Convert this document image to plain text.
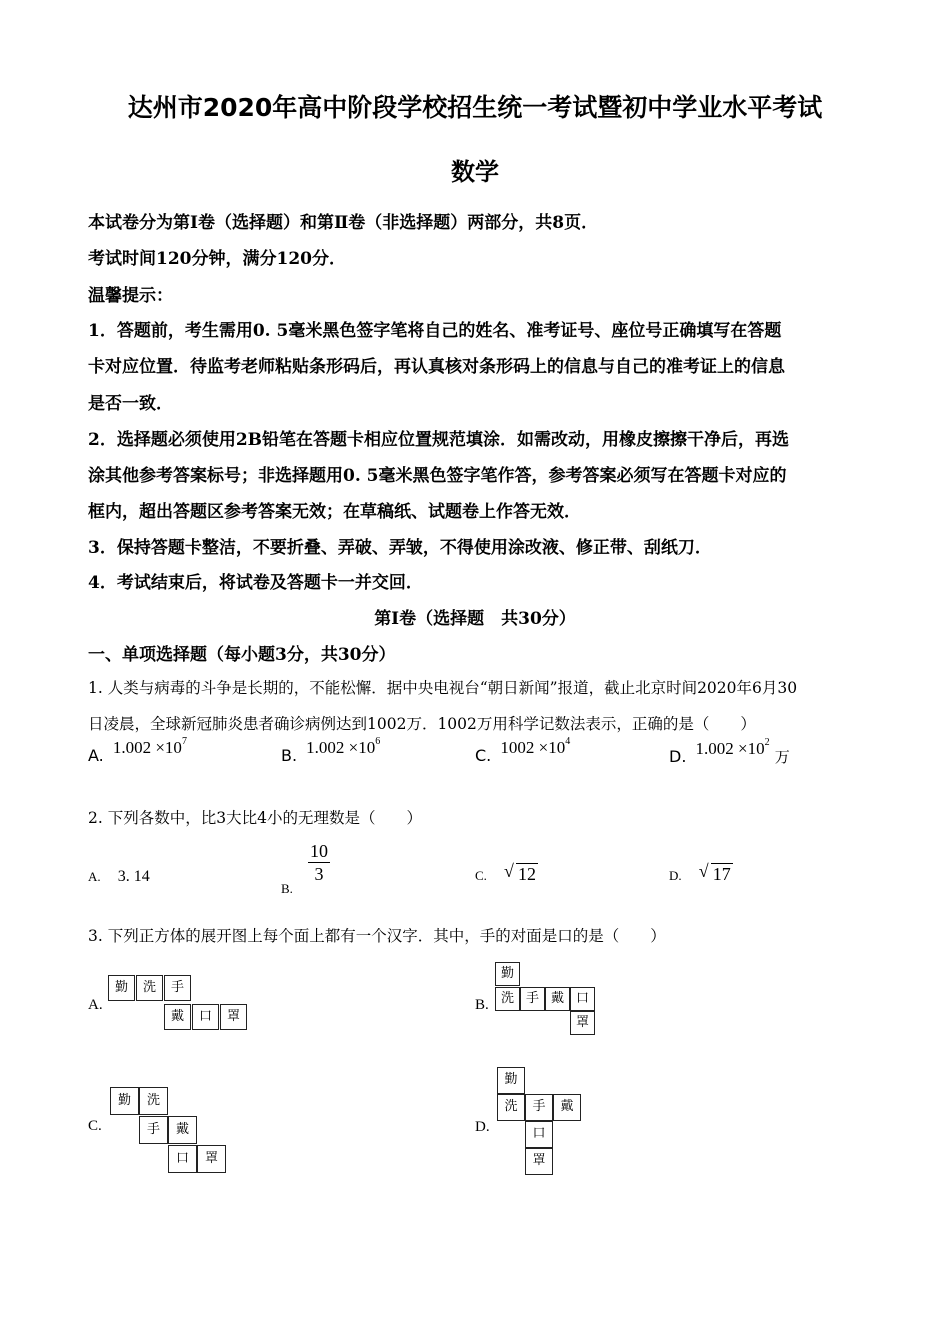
达州市2020年高中阶段学校招生统一考试暨初中学业水平考试
数学
本试卷分为第Ⅰ卷（选择题）和第Ⅱ卷（非选择题）两部分，共8页．
考试时间120分钟，满分120分．
温馨提示：
1．答题前，考生需用0. 5毫米黑色签字笔将自己的姓名、准考证号、座位号正确填写在答题
卡对应位置．待监考老师粘贴条形码后，再认真核对条形码上的信息与自己的准考证上的信息
是否一致．
2．选择题必须使用2B铅笔在答题卡相应位置规范填涂．如需改动，用橡皮擦擦干净后，再选
涂其他参考答案标号；非选择题用0. 5毫米黑色签字笔作答，参考答案必须写在答题卡对应的
框内，超出答题区参考答案无效；在草稿纸、试题卷上作答无效．
3．保持答题卡整洁，不要折叠、弄破、弄皱，不得使用涂改液、修正带、刮纸刀．
4．考试结束后，将试卷及答题卡一并交回．
第Ⅰ卷（选择题　共30分）
一、单项选择题（每小题3分，共30分）
1. 人类与病毒的斗争是长期的，不能松懈．据中央电视台“朝日新闻”报道，截止北京时间2020年6月30
日凌晨，全球新冠肺炎患者确诊病例达到1002万．1002万用科学记数法表示，正确的是（　　）
A. $1.002 \times 10^7$
B. $1.002 \times 10^6$
C. $1002 \times 10^4$
D. $1.002 \times 10^2$ 万
2. 下列各数中，比3大比4小的无理数是（　　）
A. 3. 14
$_{B.}$
$\frac{10}{3}$	C. √ 12	D. √ 17
3. 下列正方体的展开图上每个面上都有一个汉字．其中，手的对面是口的是（　　）
A.
勤	洗	手
戴	口	罩
B.
勤
洗 手 戴 口
罩
C.
勤	洗
手	戴
口	罩
D.
勤
洗	手	戴
口
罩
